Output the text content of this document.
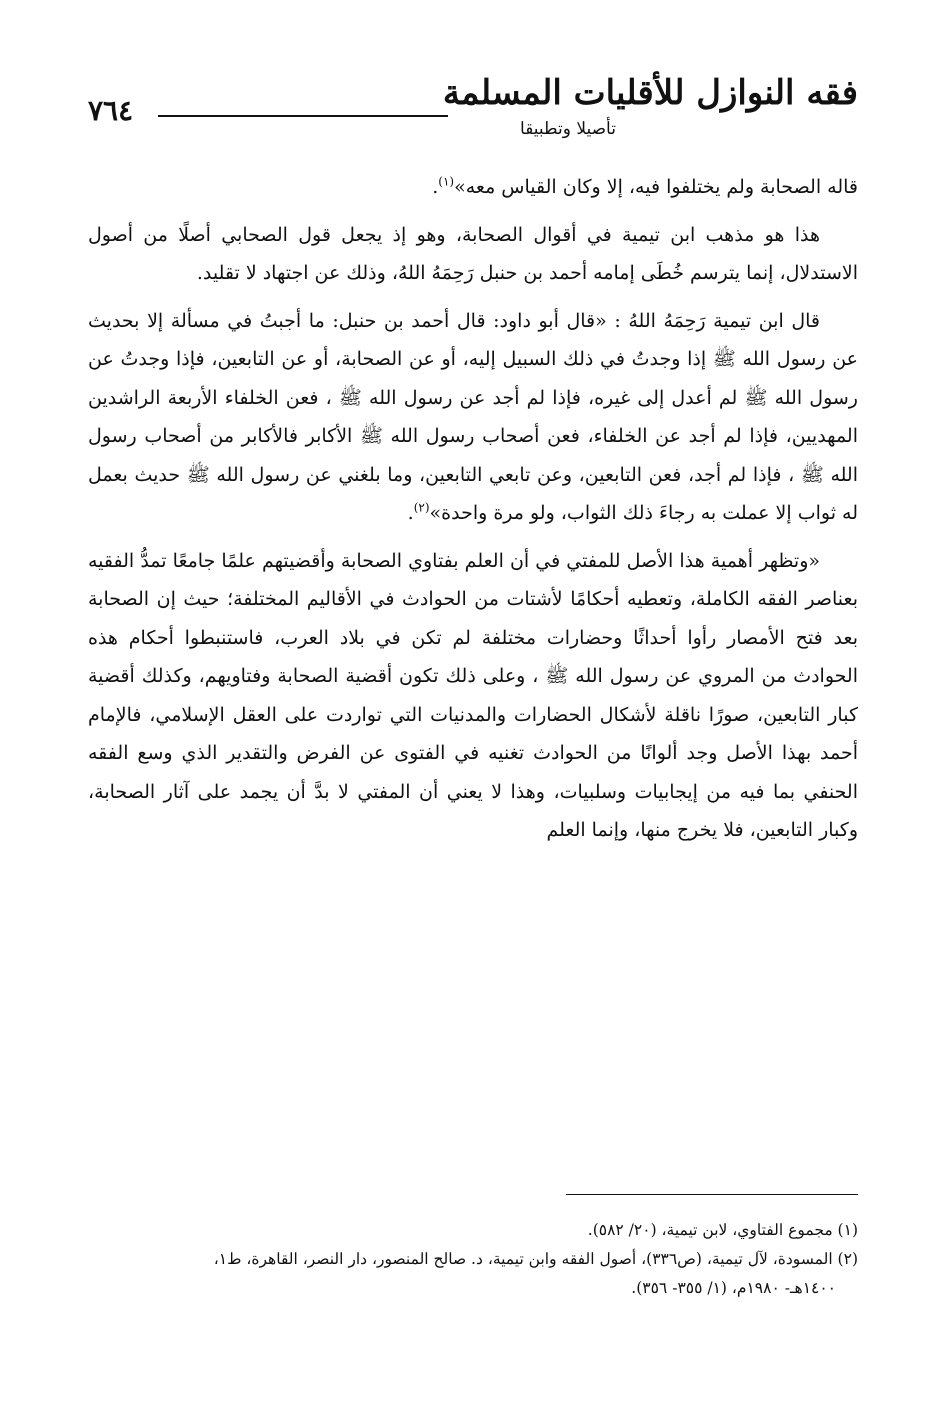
فقه النوازل للأقليات المسلمة
تأصيلا وتطبيقا
٧٦٤

قاله الصحابة ولم يختلفوا فيه، إلا وكان القياس معه»$^{(١)}$.

هذا هو مذهب ابن تيمية في أقوال الصحابة، وهو إذ يجعل قول الصحابي أصلًا من أصول الاستدلال، إنما يترسم خُطَى إمامه أحمد بن حنبل رَحِمَهُ اللهُ، وذلك عن اجتهاد لا تقليد.

قال ابن تيمية رَحِمَهُ اللهُ : «قال أبو داود: قال أحمد بن حنبل: ما أجبتُ في مسألة إلا بحديث عن رسول الله ﷺ إذا وجدتُ في ذلك السبيل إليه، أو عن الصحابة، أو عن التابعين، فإذا وجدتُ عن رسول الله ﷺ لم أعدل إلى غيره، فإذا لم أجد عن رسول الله ﷺ ، فعن الخلفاء الأربعة الراشدين المهديين، فإذا لم أجد عن الخلفاء، فعن أصحاب رسول الله ﷺ الأكابر فالأكابر من أصحاب رسول الله ﷺ ، فإذا لم أجد، فعن التابعين، وعن تابعي التابعين، وما بلغني عن رسول الله ﷺ حديث بعمل له ثواب إلا عملت به رجاءَ ذلك الثواب، ولو مرة واحدة»$^{(٢)}$.

«وتظهر أهمية هذا الأصل للمفتي في أن العلم بفتاوي الصحابة وأقضيتهم علمًا جامعًا تمدُّ الفقيه بعناصر الفقه الكاملة، وتعطيه أحكامًا لأشتات من الحوادث في الأقاليم المختلفة؛ حيث إن الصحابة بعد فتح الأمصار رأوا أحداثًا وحضارات مختلفة لم تكن في بلاد العرب، فاستنبطوا أحكام هذه الحوادث من المروي عن رسول الله ﷺ ، وعلى ذلك تكون أقضية الصحابة وفتاويهم، وكذلك أقضية كبار التابعين، صورًا ناقلة لأشكال الحضارات والمدنيات التي تواردت على العقل الإسلامي، فالإمام أحمد بهذا الأصل وجد ألوانًا من الحوادث تغنيه في الفتوى عن الفرض والتقدير الذي وسع الفقه الحنفي بما فيه من إيجابيات وسلبيات، وهذا لا يعني أن المفتي لا بدَّ أن يجمد على آثار الصحابة، وكبار التابعين، فلا يخرج منها، وإنما العلم

(١) مجموع الفتاوي، لابن تيمية، (٢٠/ ٥٨٢).

(٢) المسودة، لآل تيمية، (ص٣٣٦)، أصول الفقه وابن تيمية، د. صالح المنصور، دار النصر، القاهرة، ط١،

١٤٠٠هـ- ١٩٨٠م، (١/ ٣٥٥- ٣٥٦).
